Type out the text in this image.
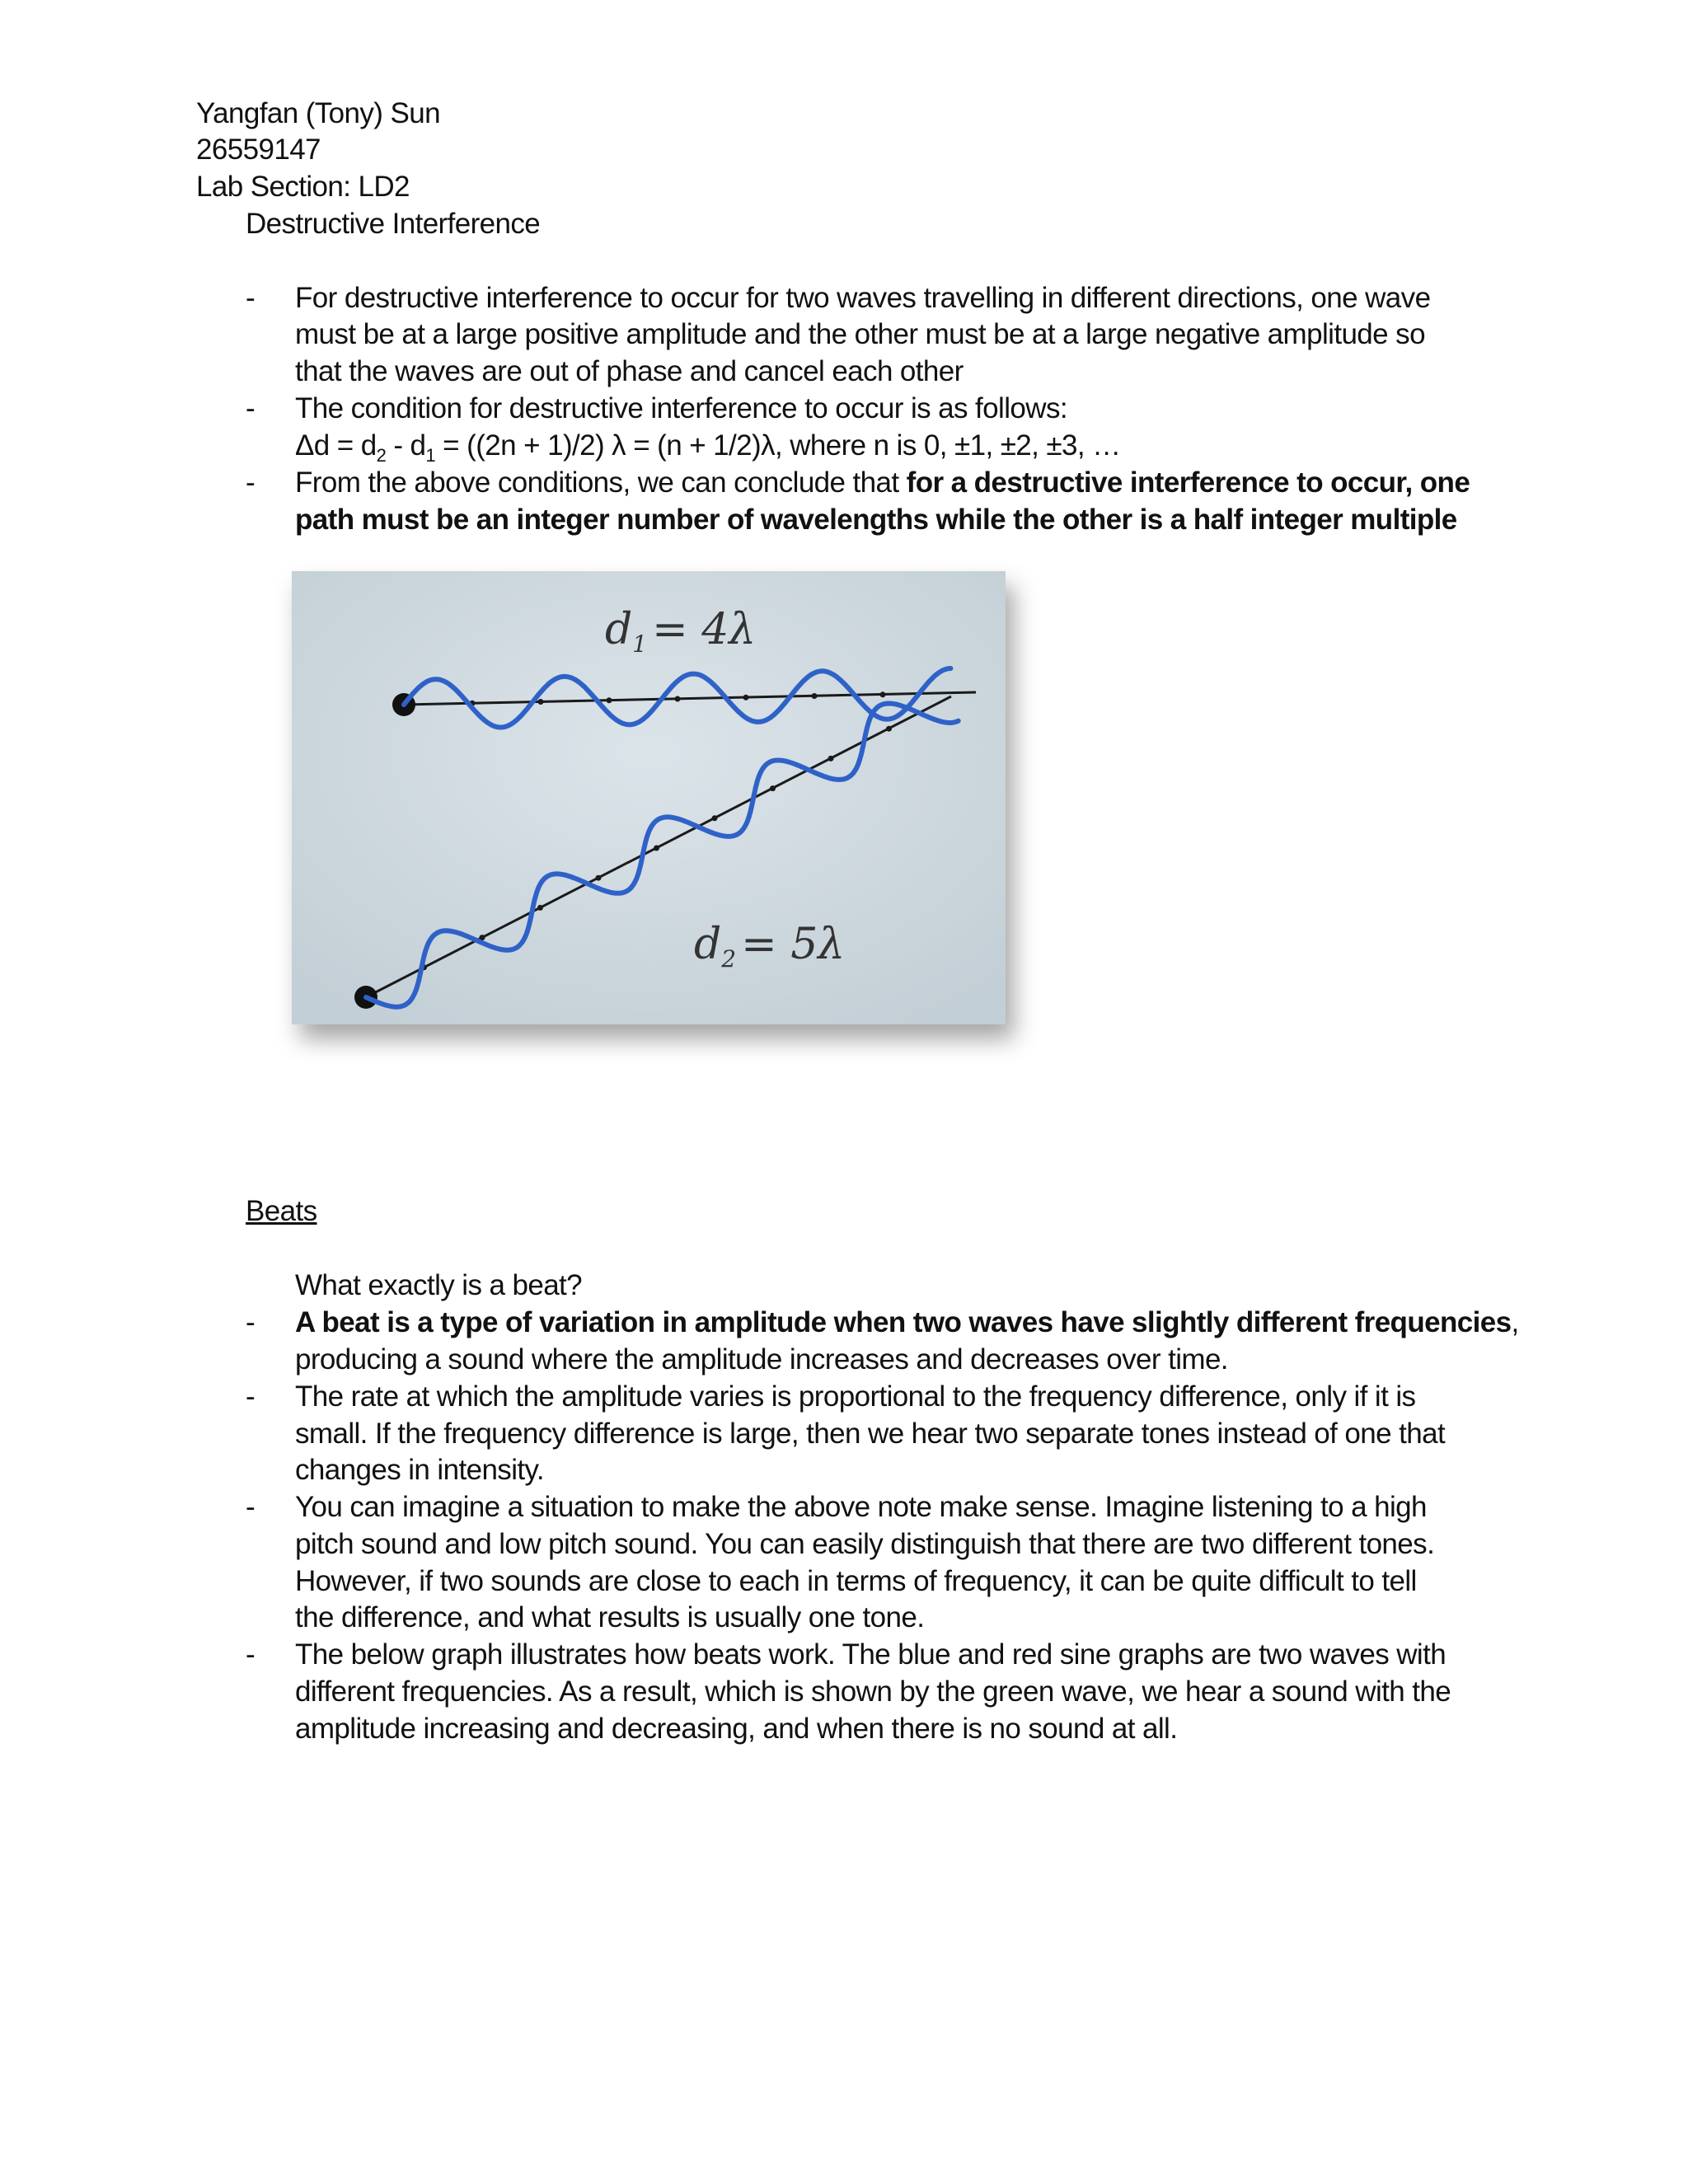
Yangfan (Tony) Sun
26559147
Lab Section: LD2
Destructive Interference
- For destructive interference to occur for two waves travelling in different directions, one wave
must be at a large positive amplitude and the other must be at a large negative amplitude so
that the waves are out of phase and cancel each other
- The condition for destructive interference to occur is as follows:
$\Delta d = d_2 - d_1 = ((2n + 1)/2) \lambda = (n + 1/2)\lambda$, where n is 0, ±1, ±2, ±3, …
- From the above conditions, we can conclude that for a destructive interference to occur, one
path must be an integer number of wavelengths while the other is a half integer multiple
d1 = 4λ
d2 = 5λ
Beats
What exactly is a beat?
- A beat is a type of variation in amplitude when two waves have slightly different frequencies,
producing a sound where the amplitude increases and decreases over time.
- The rate at which the amplitude varies is proportional to the frequency difference, only if it is
small. If the frequency difference is large, then we hear two separate tones instead of one that
changes in intensity.
- You can imagine a situation to make the above note make sense. Imagine listening to a high
pitch sound and low pitch sound. You can easily distinguish that there are two different tones.
However, if two sounds are close to each in terms of frequency, it can be quite difficult to tell
the difference, and what results is usually one tone.
- The below graph illustrates how beats work. The blue and red sine graphs are two waves with
different frequencies. As a result, which is shown by the green wave, we hear a sound with the
amplitude increasing and decreasing, and when there is no sound at all.
